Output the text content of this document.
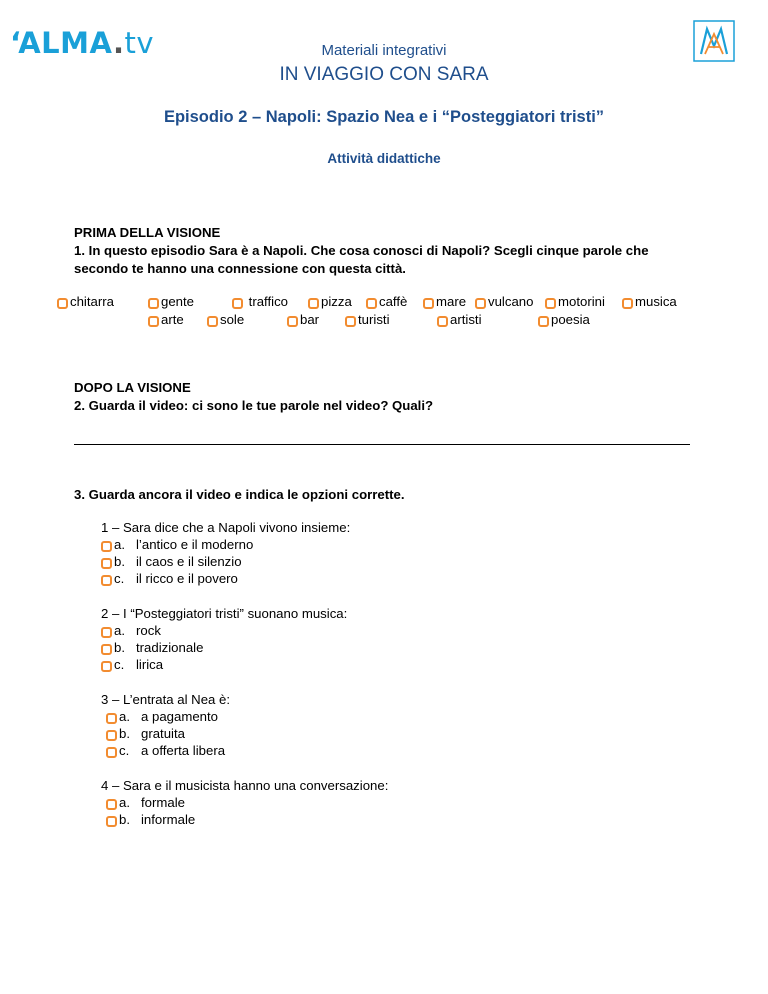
‘ALMA.tv	Materiali integrativi
IN VIAGGIO CON SARA
Episodio 2 – Napoli: Spazio Nea e i “Posteggiatori tristi”
Attività didattiche
PRIMA DELLA VISIONE
1. In questo episodio Sara è a Napoli. Che cosa conosci di Napoli? Scegli cinque parole che
secondo te hanno una connessione con questa città.
chitarra	gente	traffico	pizza	caffè	mare	vulcano	motorini	musica
arte	sole	bar	turisti	artisti	poesia
DOPO LA VISIONE
2. Guarda il video: ci sono le tue parole nel video? Quali?
3. Guarda ancora il video e indica le opzioni corrette.
1 – Sara dice che a Napoli vivono insieme:
a. l’antico e il moderno
b. il caos e il silenzio
c. il ricco e il povero
2 – I “Posteggiatori tristi” suonano musica:
a. rock
b. tradizionale
c. lirica
3 – L’entrata al Nea è:
a. a pagamento
b. gratuita
c. a offerta libera
4 – Sara e il musicista hanno una conversazione:
a. formale
b. informale
